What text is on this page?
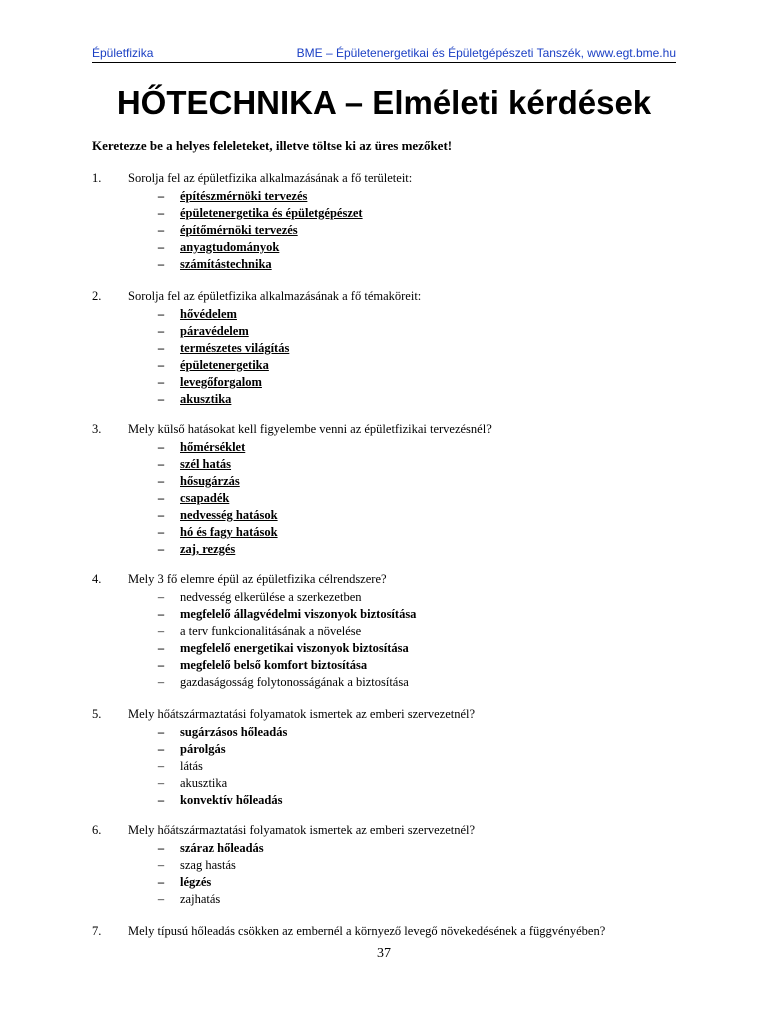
Épületfizika	BME – Épületenergetikai és Épületgépészeti Tanszék, www.egt.bme.hu
HŐTECHNIKA – Elméleti kérdések
Keretezze be a helyes feleleteket, illetve töltse ki az üres mezőket!
1. Sorolja fel az épületfizika alkalmazásának a fő területeit:
–	építészmérnöki tervezés
–	épületenergetika és épületgépészet
–	építőmérnöki tervezés
–	anyagtudományok
–	számítástechnika
2. Sorolja fel az épületfizika alkalmazásának a fő témaköreit:
–	hővédelem
–	páravédelem
–	természetes világítás
–	épületenergetika
–	levegőforgalom
–	akusztika
3. Mely külső hatásokat kell figyelembe venni az épületfizikai tervezésnél?
–	hőmérséklet
–	szél hatás
–	hősugárzás
–	csapadék
–	nedvesség hatások
–	hó és fagy hatások
–	zaj, rezgés
4. Mely 3 fő elemre épül az épületfizika célrendszere?
–	nedvesség elkerülése a szerkezetben
–	megfelelő állagvédelmi viszonyok biztosítása
–	a terv funkcionalitásának a növelése
–	megfelelő energetikai viszonyok biztosítása
–	megfelelő belső komfort biztosítása
–	gazdaságosság folytonosságának a biztosítása
5. Mely hőátszármaztatási folyamatok ismertek az emberi szervezetnél?
–	sugárzásos hőleadás
–	párolgás
–	látás
–	akusztika
–	konvektív hőleadás
6. Mely hőátszármaztatási folyamatok ismertek az emberi szervezetnél?
–	száraz hőleadás
–	szag hastás
–	légzés
–	zajhatás
7. Mely típusú hőleadás csökken az embernél a környező levegő növekedésének a függvényében?
37
